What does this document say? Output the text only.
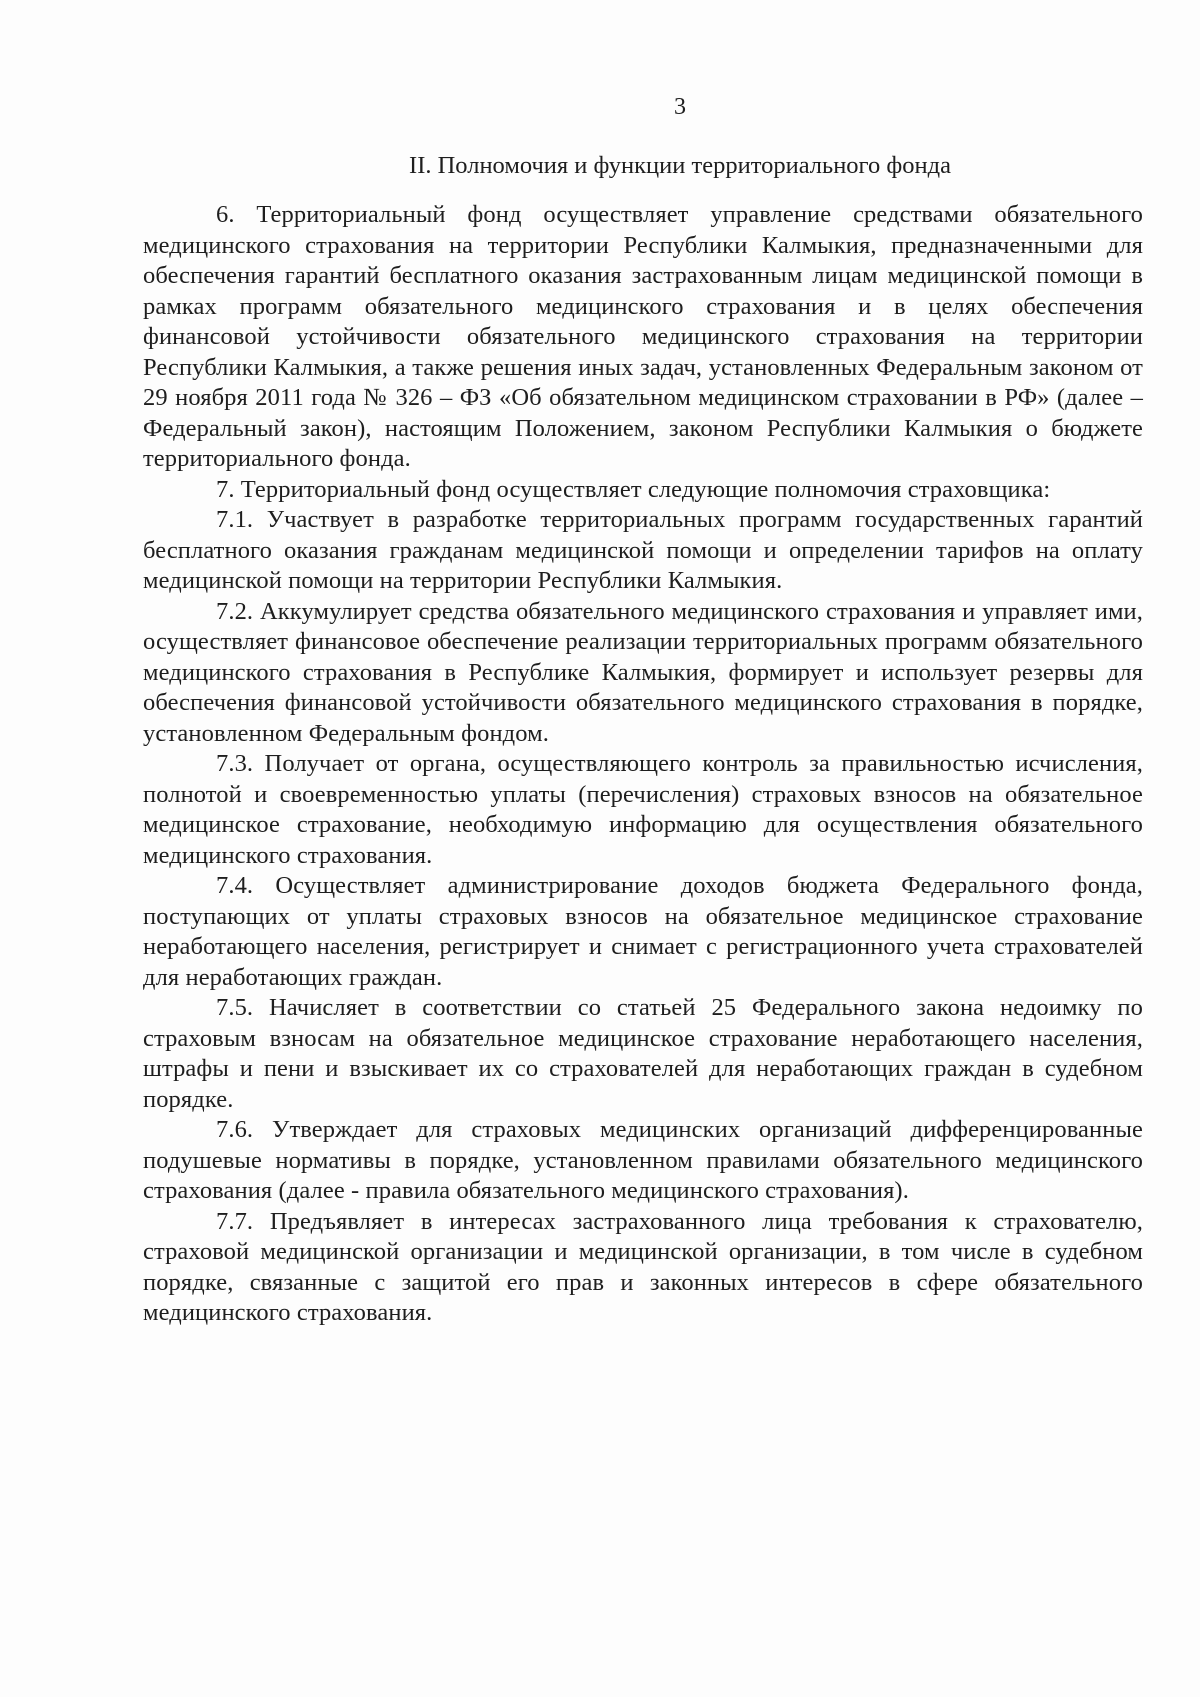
3
II. Полномочия и функции территориального фонда

6. Территориальный фонд осуществляет управление средствами обязательного медицинского страхования на территории Республики Калмыкия, предназначенными для обеспечения гарантий бесплатного оказания застрахованным лицам медицинской помощи в рамках программ обязательного медицинского страхования и в целях обеспечения финансовой устойчивости обязательного медицинского страхования на территории Республики Калмыкия, а также решения иных задач, установленных Федеральным законом от 29 ноября 2011 года № 326 – ФЗ «Об обязательном медицинском страховании в РФ» (далее – Федеральный закон), настоящим Положением, законом Республики Калмыкия о бюджете территориального фонда.

7. Территориальный фонд осуществляет следующие полномочия страховщика:

7.1. Участвует в разработке территориальных программ государственных гарантий бесплатного оказания гражданам медицинской помощи и определении тарифов на оплату медицинской помощи на территории Республики Калмыкия.

7.2. Аккумулирует средства обязательного медицинского страхования и управляет ими, осуществляет финансовое обеспечение реализации территориальных программ обязательного медицинского страхования в Республике Калмыкия, формирует и использует резервы для обеспечения финансовой устойчивости обязательного медицинского страхования в порядке, установленном Федеральным фондом.

7.3. Получает от органа, осуществляющего контроль за правильностью исчисления, полнотой и своевременностью уплаты (перечисления) страховых взносов на обязательное медицинское страхование, необходимую информацию для осуществления обязательного медицинского страхования.

7.4. Осуществляет администрирование доходов бюджета Федерального фонда, поступающих от уплаты страховых взносов на обязательное медицинское страхование неработающего населения, регистрирует и снимает с регистрационного учета страхователей для неработающих граждан.

7.5. Начисляет в соответствии со статьей 25 Федерального закона недоимку по страховым взносам на обязательное медицинское страхование неработающего населения, штрафы и пени и взыскивает их со страхователей для неработающих граждан в судебном порядке.

7.6. Утверждает для страховых медицинских организаций дифференцированные подушевые нормативы в порядке, установленном правилами обязательного медицинского страхования (далее - правила обязательного медицинского страхования).

7.7. Предъявляет в интересах застрахованного лица требования к страхователю, страховой медицинской организации и медицинской организации, в том числе в судебном порядке, связанные с защитой его прав и законных интересов в сфере обязательного медицинского страхования.
